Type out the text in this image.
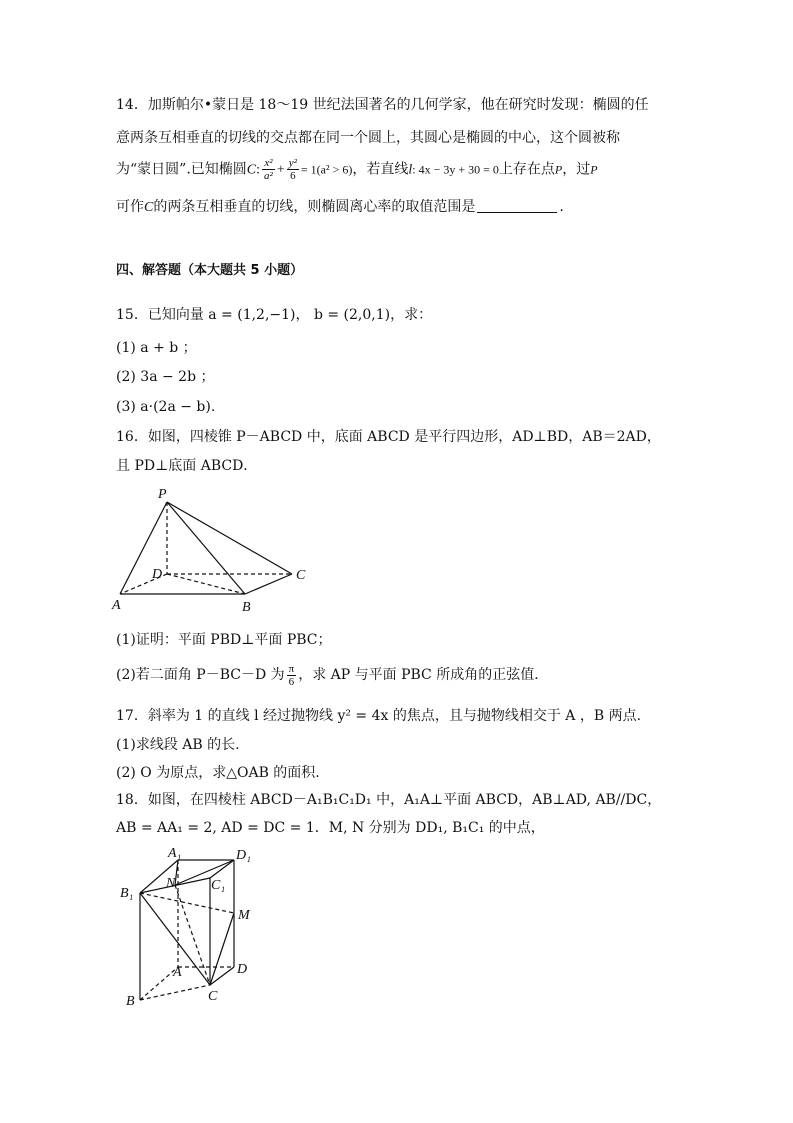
14．加斯帕尔•蒙日是 18～19 世纪法国著名的几何学家，他在研究时发现：椭圆的任
意两条互相垂直的切线的交点都在同一个圆上，其圆心是椭圆的中心，这个圆被称
为“蒙日圆”.已知椭圆C: $\frac{\text{x²}}{\text{a²}} + \frac{\text{y²}}{6} = 1(a^2 > 6)$，若直线l: 4x − 3y + 30 = 0上存在点P，过P
可作C的两条互相垂直的切线，则椭圆离心率的取值范围是	.
四、解答题（本大题共 5 小题）
15．已知向量 a = (1,2,−1)， b = (2,0,1)，求：
(1) a + b ；
(2) 3a − 2b ；
(3) a·(2a − b).
16．如图，四棱锥 P－ABCD 中，底面 ABCD 是平行四边形，AD⊥BD，AB＝2AD，
且 PD⊥底面 ABCD．
P
D	C
A	B
(1)证明：平面 PBD⊥平面 PBC；
(2)若二面角 P－BC－D 为 $\frac{\pi}{6}$ ，求 AP 与平面 PBC 所成角的正弦值．
17．斜率为 1 的直线 l 经过抛物线 y² = 4x 的焦点，且与抛物线相交于 A ，B 两点.
(1)求线段 AB 的长.
(2) O 为原点，求△OAB 的面积.
18．如图，在四棱柱 ABCD－A₁B₁C₁D₁ 中，A₁A⊥平面 ABCD，AB⊥AD, AB//DC，
AB = AA₁ = 2, AD = DC = 1．M, N 分别为 DD₁, B₁C₁ 的中点，
A₁	D₁
N	C₁
B₁
M
A	D
B	C
